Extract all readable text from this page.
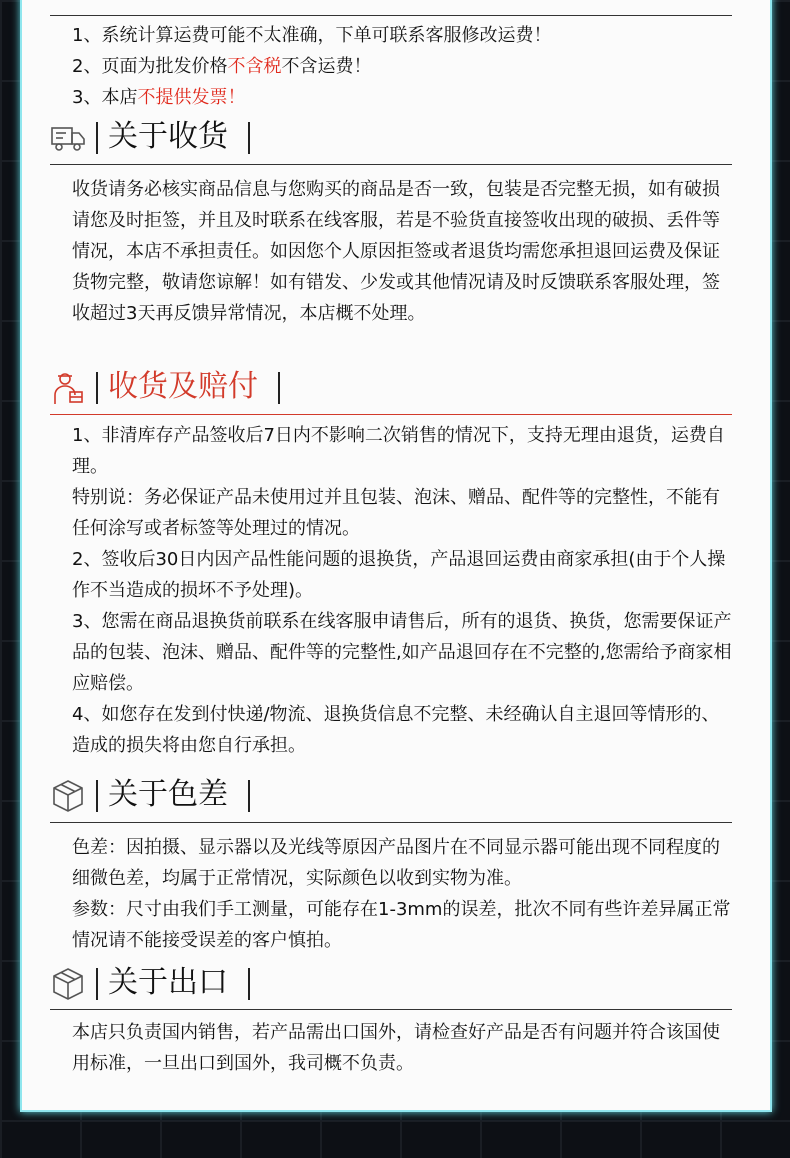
1、系统计算运费可能不太准确，下单可联系客服修改运费！
2、页面为批发价格不含税不含运费！
3、本店不提供发票！
关于收货
收货请务必核实商品信息与您购买的商品是否一致，包装是否完整无损，如有破损请您及时拒签，并且及时联系在线客服，若是不验货直接签收出现的破损、丢件等情况，本店不承担责任。如因您个人原因拒签或者退货均需您承担退回运费及保证货物完整，敬请您谅解！如有错发、少发或其他情况请及时反馈联系客服处理，签收超过3天再反馈异常情况，本店概不处理。
收货及赔付
1、非清库存产品签收后7日内不影响二次销售的情况下，支持无理由退货，运费自理。
特别说：务必保证产品未使用过并且包装、泡沫、赠品、配件等的完整性，不能有任何涂写或者标签等处理过的情况。
2、签收后30日内因产品性能问题的退换货，产品退回运费由商家承担(由于个人操作不当造成的损坏不予处理)。
3、您需在商品退换货前联系在线客服申请售后，所有的退货、换货，您需要保证产品的包装、泡沫、赠品、配件等的完整性,如产品退回存在不完整的,您需给予商家相应赔偿。
4、如您存在发到付快递/物流、退换货信息不完整、未经确认自主退回等情形的、造成的损失将由您自行承担。
关于色差
色差：因拍摄、显示器以及光线等原因产品图片在不同显示器可能出现不同程度的细微色差，均属于正常情况，实际颜色以收到实物为准。
参数：尺寸由我们手工测量，可能存在1-3mm的误差，批次不同有些许差异属正常情况请不能接受误差的客户慎拍。
关于出口
本店只负责国内销售，若产品需出口国外，请检查好产品是否有问题并符合该国使用标准，一旦出口到国外，我司概不负责。
